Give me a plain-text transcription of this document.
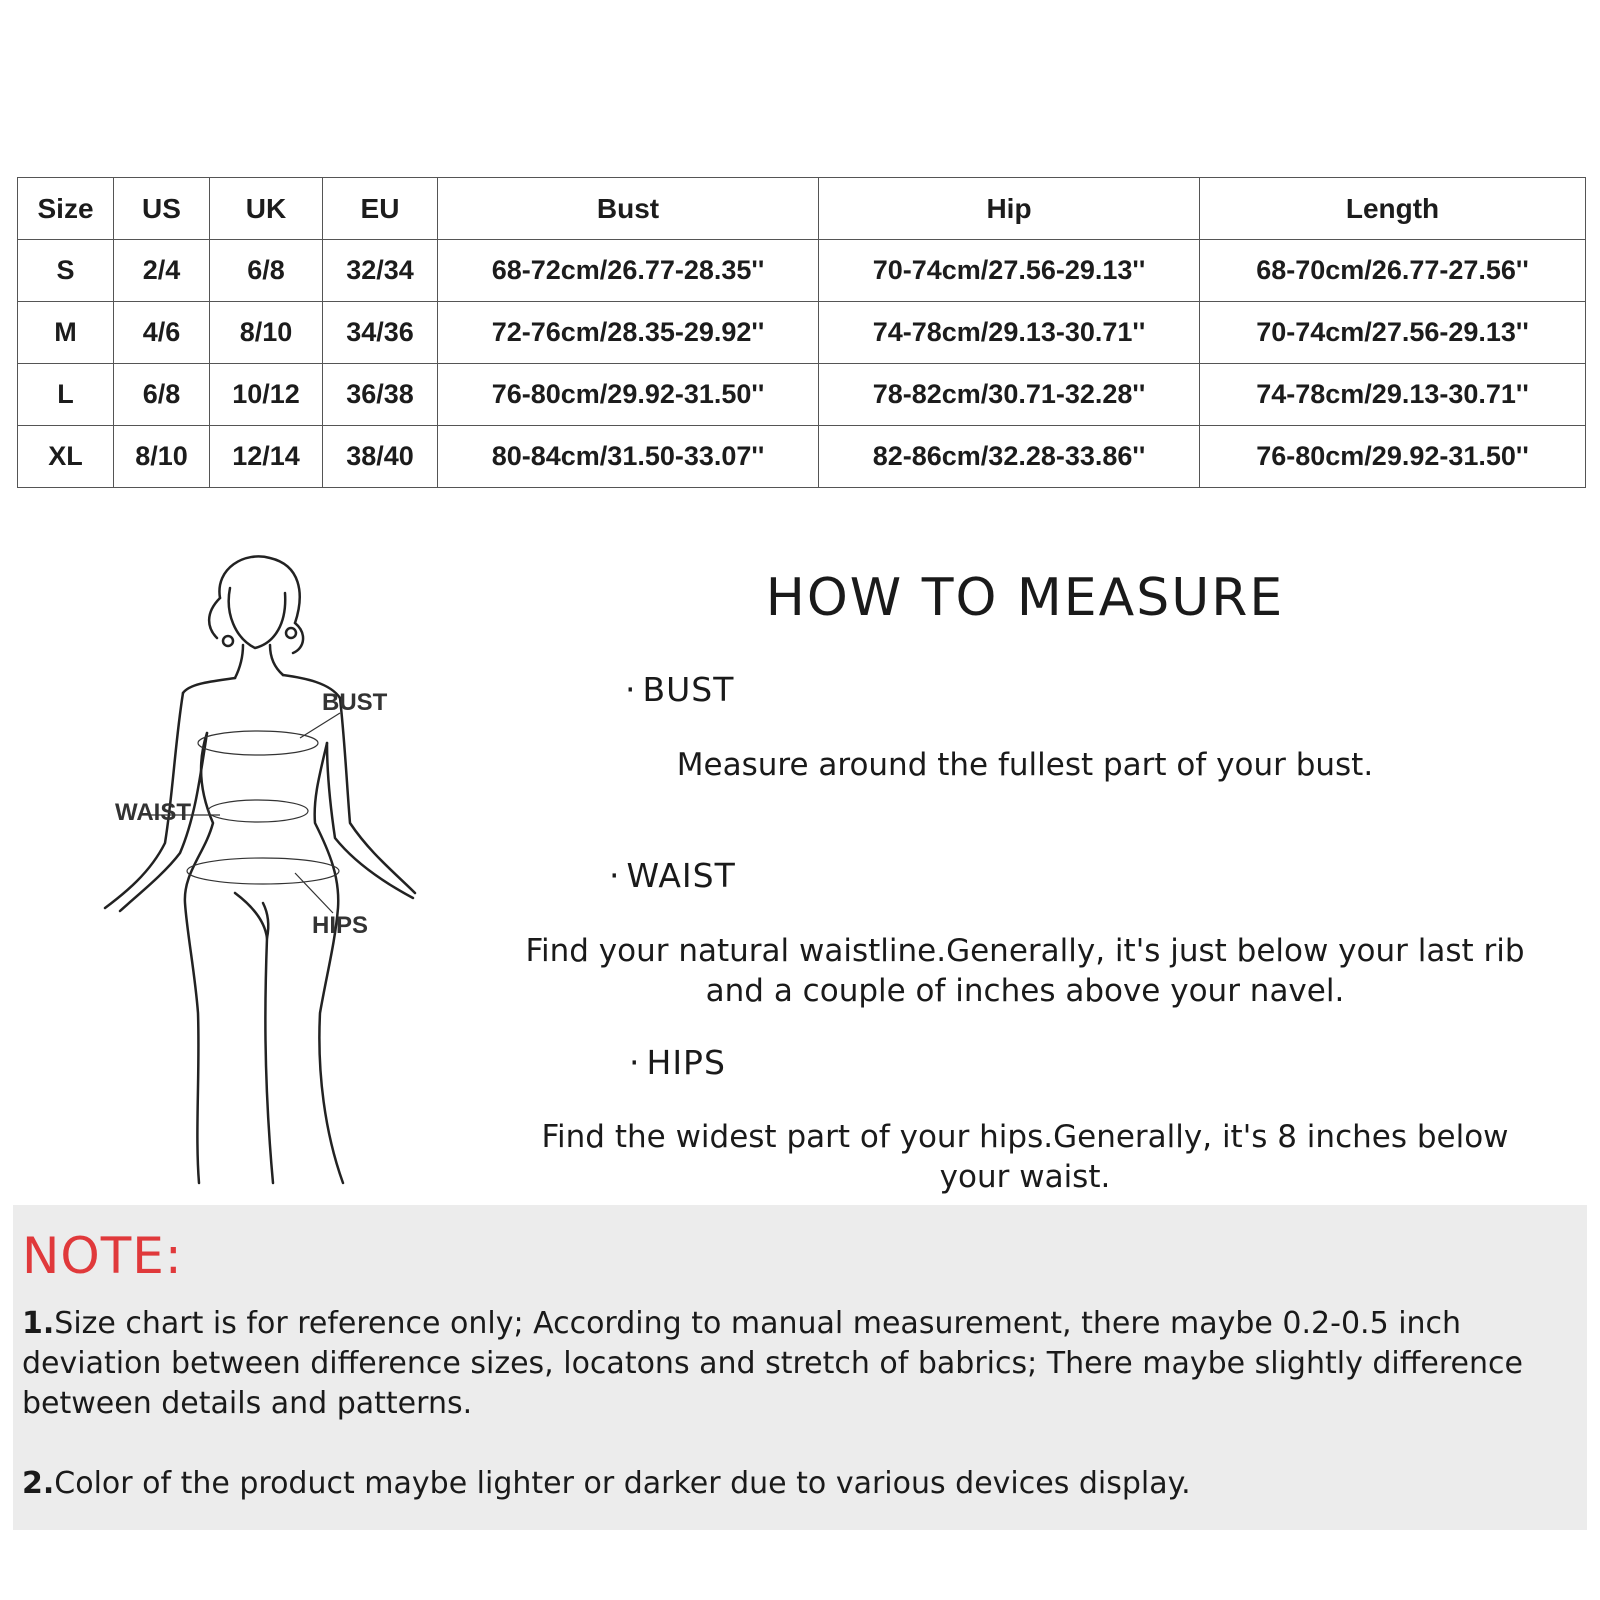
Size	US	UK	EU	Bust	Hip	Length
S	2/4	6/8	32/34	68-72cm/26.77-28.35''	70-74cm/27.56-29.13''	68-70cm/26.77-27.56''
M	4/6	8/10	34/36	72-76cm/28.35-29.92''	74-78cm/29.13-30.71''	70-74cm/27.56-29.13''
L	6/8	10/12	36/38	76-80cm/29.92-31.50''	78-82cm/30.71-32.28''	74-78cm/29.13-30.71''
XL	8/10	12/14	38/40	80-84cm/31.50-33.07''	82-86cm/32.28-33.86''	76-80cm/29.92-31.50''
BUST
WAIST
HIPS
HOW TO MEASURE

· BUST

Measure around the fullest part of your bust.

· WAIST

Find your natural waistline.Generally, it's just below your last rib and a couple of inches above your navel.

· HIPS

Find the widest part of your hips.Generally, it's 8 inches below your waist.

NOTE:

1.Size chart is for reference only; According to manual measurement, there maybe 0.2-0.5 inch deviation between difference sizes, locatons and stretch of babrics; There maybe slightly difference between details and patterns.

2.Color of the product maybe lighter or darker due to various devices display.
